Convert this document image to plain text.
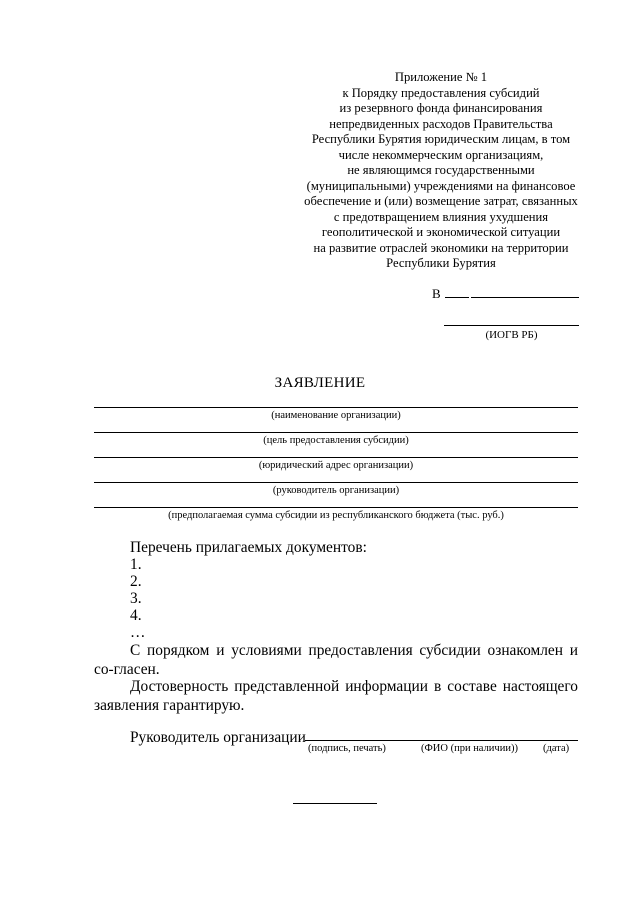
Приложение № 1
к Порядку предоставления субсидий
из резервного фонда финансирования
непредвиденных расходов Правительства
Республики Бурятия юридическим лицам, в том
числе некоммерческим организациям,
не являющимся государственными
(муниципальными) учреждениями на финансовое
обеспечение и (или) возмещение затрат, связанных
с предотвращением влияния ухудшения
геополитической и экономической ситуации
на развитие отраслей экономики на территории
Республики Бурятия
В
(ИОГВ РБ)
ЗАЯВЛЕНИЕ
(наименование организации)
(цель предоставления субсидии)
(юридический адрес организации)
(руководитель организации)
(предполагаемая сумма субсидии из республиканского бюджета (тыс. руб.)
Перечень прилагаемых документов:
1.
2.
3.
4.
…
С порядком и условиями предоставления субсидии ознакомлен и со-гласен.
Достоверность представленной информации в составе настоящего заявления гарантирую.
Руководитель организации
(подпись, печать)	(ФИО (при наличии)) (дата)
